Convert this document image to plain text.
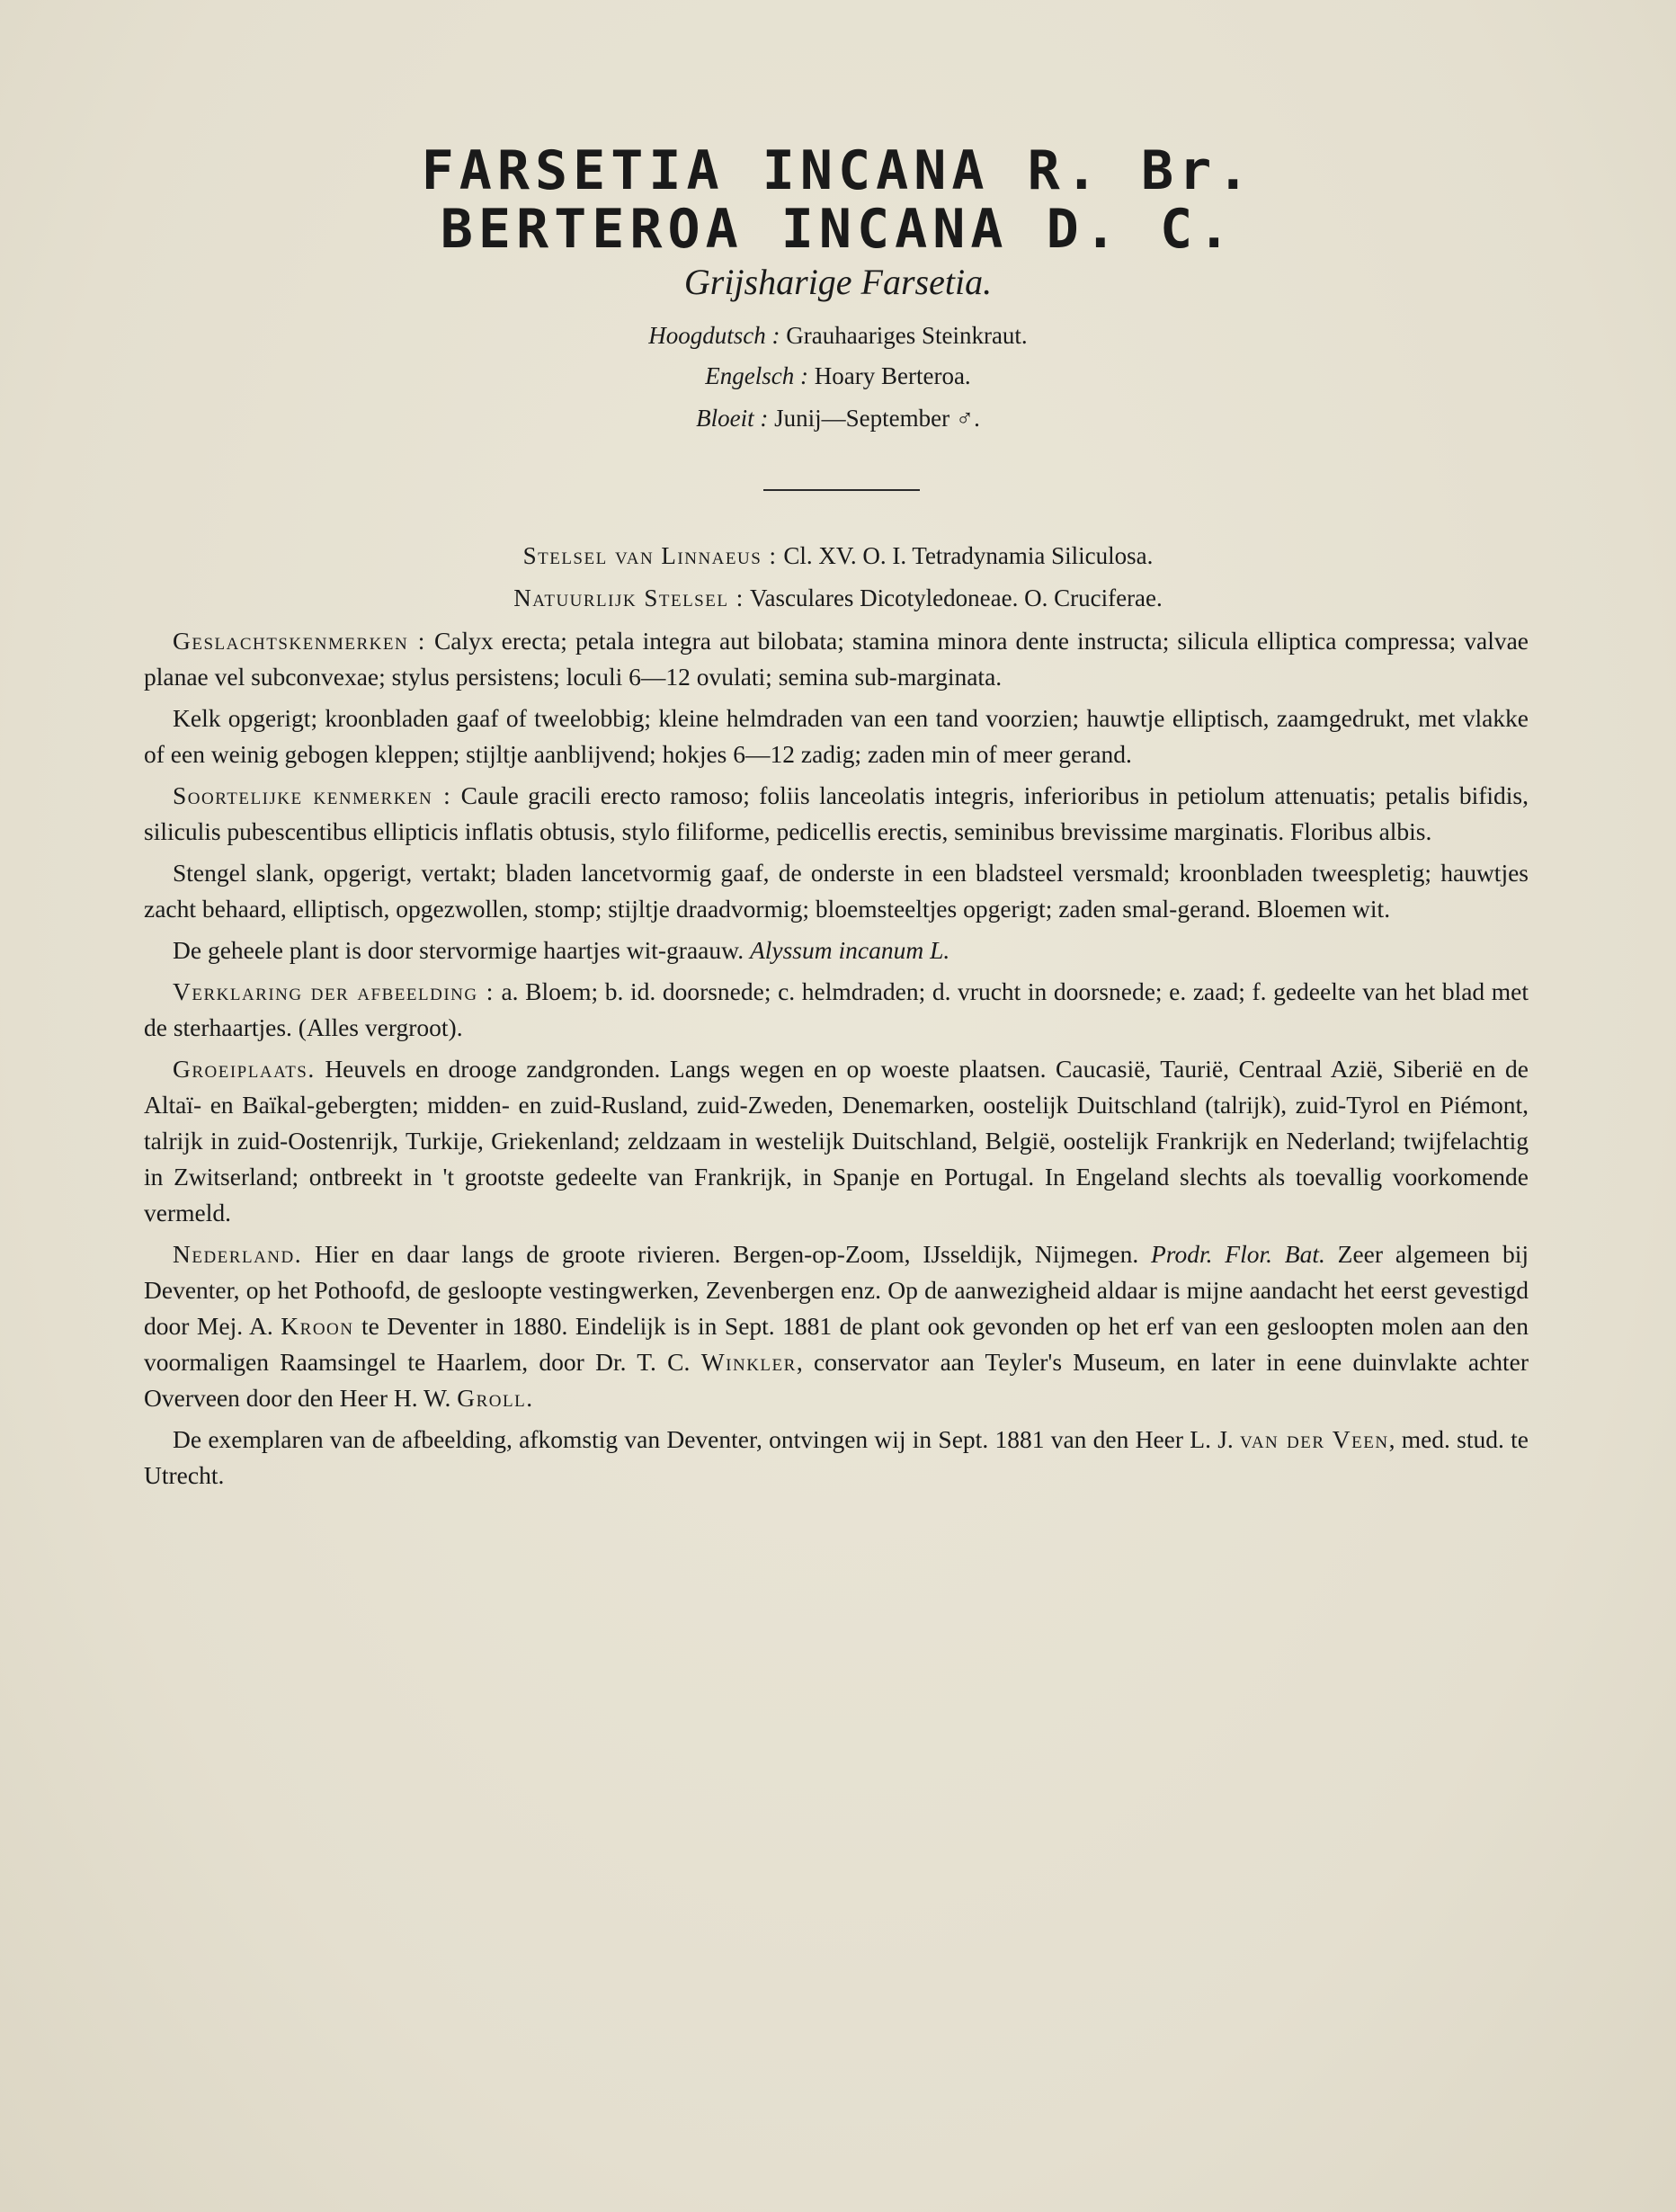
FARSETIA INCANA R. Br.
BERTEROA INCANA D. C.
Grijsharige Farsetia.
Hoogdutsch : Grauhaariges Steinkraut.
Engelsch : Hoary Berteroa.
Bloeit : Junij—September ♂.
Stelsel van Linnaeus : Cl. XV. O. I. Tetradynamia Siliculosa.
Natuurlijk Stelsel : Vasculares Dicotyledoneae. O. Cruciferae.

Geslachtskenmerken : Calyx erecta; petala integra aut bilobata; stamina minora dente instructa; silicula elliptica compressa; valvae planae vel subconvexae; stylus persistens; loculi 6—12 ovulati; semina sub-marginata.

Kelk opgerigt; kroonbladen gaaf of tweelobbig; kleine helmdraden van een tand voorzien; hauwtje elliptisch, zaamgedrukt, met vlakke of een weinig gebogen kleppen; stijltje aanblijvend; hokjes 6—12 zadig; zaden min of meer gerand.

Soortelijke kenmerken : Caule gracili erecto ramoso; foliis lanceolatis integris, inferioribus in petiolum attenuatis; petalis bifidis, siliculis pubescentibus ellipticis inflatis obtusis, stylo filiforme, pedicellis erectis, seminibus brevissime marginatis. Floribus albis.

Stengel slank, opgerigt, vertakt; bladen lancetvormig gaaf, de onderste in een bladsteel versmald; kroonbladen tweespletig; hauwtjes zacht behaard, elliptisch, opgezwollen, stomp; stijltje draadvormig; bloemsteeltjes opgerigt; zaden smal-gerand. Bloemen wit.

De geheele plant is door stervormige haartjes wit-graauw. Alyssum incanum L.

Verklaring der afbeelding : a. Bloem; b. id. doorsnede; c. helmdraden; d. vrucht in doorsnede; e. zaad; f. gedeelte van het blad met de sterhaartjes. (Alles vergroot).

Groeiplaats. Heuvels en drooge zandgronden. Langs wegen en op woeste plaatsen. Caucasië, Taurië, Centraal Azië, Siberië en de Altaï- en Baïkal-gebergten; midden- en zuid-Rusland, zuid-Zweden, Denemarken, oostelijk Duitschland (talrijk), zuid-Tyrol en Piémont, talrijk in zuid-Oostenrijk, Turkije, Griekenland; zeldzaam in westelijk Duitschland, België, oostelijk Frankrijk en Nederland; twijfelachtig in Zwitserland; ontbreekt in 't grootste gedeelte van Frankrijk, in Spanje en Portugal. In Engeland slechts als toevallig voorkomende vermeld.

Nederland. Hier en daar langs de groote rivieren. Bergen-op-Zoom, IJsseldijk, Nijmegen. Prodr. Flor. Bat. Zeer algemeen bij Deventer, op het Pothoofd, de gesloopte vestingwerken, Zevenbergen enz. Op de aanwezigheid aldaar is mijne aandacht het eerst gevestigd door Mej. A. Kroon te Deventer in 1880. Eindelijk is in Sept. 1881 de plant ook gevonden op het erf van een gesloopten molen aan den voormaligen Raamsingel te Haarlem, door Dr. T. C. Winkler, conservator aan Teyler's Museum, en later in eene duinvlakte achter Overveen door den Heer H. W. Groll.

De exemplaren van de afbeelding, afkomstig van Deventer, ontvingen wij in Sept. 1881 van den Heer L. J. van der Veen, med. stud. te Utrecht.
